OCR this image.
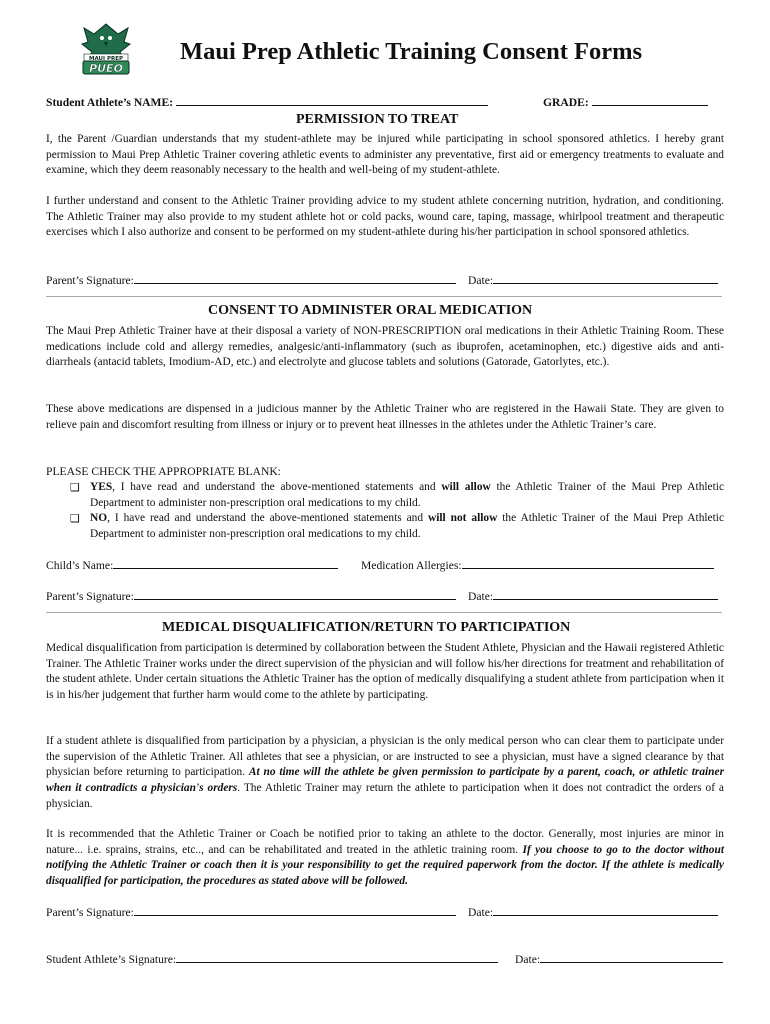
MAUI PREP
PUEO
Maui Prep Athletic Training Consent Forms
Student Athlete’s NAME:	GRADE:
PERMISSION TO TREAT
I, the Parent /Guardian understands that my student-athlete may be injured while participating in school sponsored athletics. I hereby grant permission to Maui Prep Athletic Trainer covering athletic events to administer any preventative, first aid or emergency treatments to evaluate and examine, which they deem reasonably necessary to the health and well-being of my student-athlete.
I further understand and consent to the Athletic Trainer providing advice to my student athlete concerning nutrition, hydration, and conditioning. The Athletic Trainer may also provide to my student athlete hot or cold packs, wound care, taping, massage, whirlpool treatment and therapeutic exercises which I also authorize and consent to be performed on my student-athlete during his/her participation in school sponsored athletics.
Parent’s Signature:	Date:
CONSENT TO ADMINISTER ORAL MEDICATION
The Maui Prep Athletic Trainer have at their disposal a variety of NON-PRESCRIPTION oral medications in their Athletic Training Room. These medications include cold and allergy remedies, analgesic/anti-inflammatory (such as ibuprofen, acetaminophen, etc.) digestive aids and anti-diarrheals (antacid tablets, Imodium-AD, etc.) and electrolyte and glucose tablets and solutions (Gatorade, Gatorlytes, etc.).
These above medications are dispensed in a judicious manner by the Athletic Trainer who are registered in the Hawaii State. They are given to relieve pain and discomfort resulting from illness or injury or to prevent heat illnesses in the athletes under the Athletic Trainer’s care.
PLEASE CHECK THE APPROPRIATE BLANK:
❏ YES, I have read and understand the above-mentioned statements and will allow the Athletic Trainer of the Maui Prep Athletic Department to administer non-prescription oral medications to my child.
❏ NO, I have read and understand the above-mentioned statements and will not allow the Athletic Trainer of the Maui Prep Athletic Department to administer non-prescription oral medications to my child.
Child’s Name:	Medication Allergies:
Parent’s Signature:	Date:
MEDICAL DISQUALIFICATION/RETURN TO PARTICIPATION
Medical disqualification from participation is determined by collaboration between the Student Athlete, Physician and the Hawaii registered Athletic Trainer. The Athletic Trainer works under the direct supervision of the physician and will follow his/her directions for treatment and rehabilitation of the student athlete. Under certain situations the Athletic Trainer has the option of medically disqualifying a student athlete from participation when it is in his/her judgement that further harm would come to the athlete by participating.
If a student athlete is disqualified from participation by a physician, a physician is the only medical person who can clear them to participate under the supervision of the Athletic Trainer. All athletes that see a physician, or are instructed to see a physician, must have a signed clearance by that physician before returning to participation. At no time will the athlete be given permission to participate by a parent, coach, or athletic trainer when it contradicts a physician's orders. The Athletic Trainer may return the athlete to participation when it does not contradict the orders of a physician.
It is recommended that the Athletic Trainer or Coach be notified prior to taking an athlete to the doctor. Generally, most injuries are minor in nature... i.e. sprains, strains, etc.., and can be rehabilitated and treated in the athletic training room. If you choose to go to the doctor without notifying the Athletic Trainer or coach then it is your responsibility to get the required paperwork from the doctor. If the athlete is medically disqualified for participation, the procedures as stated above will be followed.
Parent’s Signature:	Date:
Student Athlete’s Signature:	Date:
